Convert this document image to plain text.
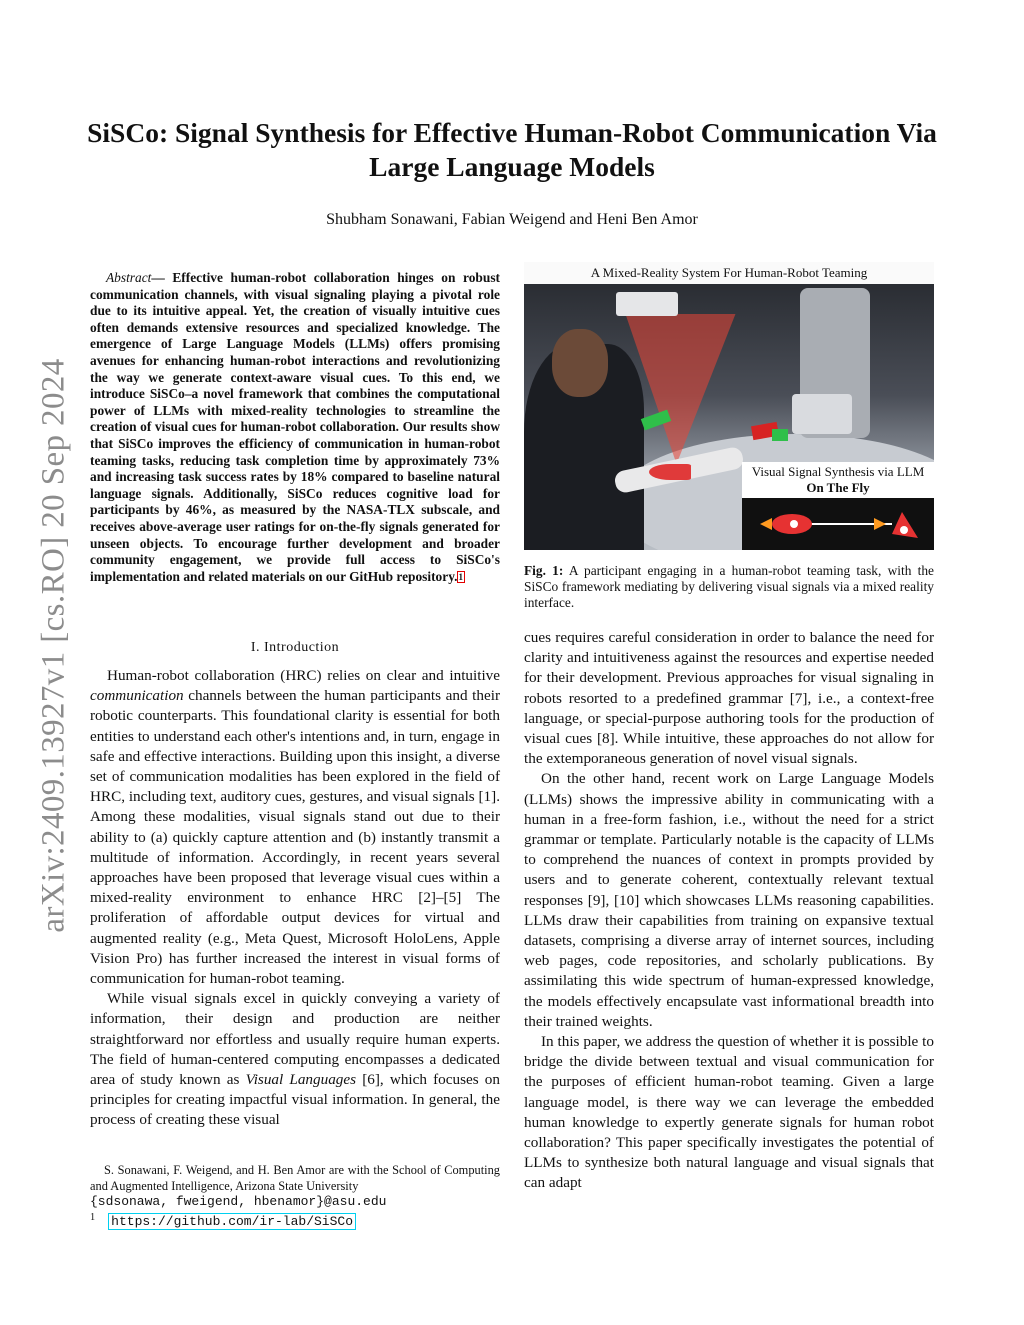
arXiv:2409.13927v1 [cs.RO] 20 Sep 2024
SiSCo: Signal Synthesis for Effective Human-Robot Communication Via Large Language Models
Shubham Sonawani, Fabian Weigend and Heni Ben Amor
Abstract— Effective human-robot collaboration hinges on robust communication channels, with visual signaling playing a pivotal role due to its intuitive appeal. Yet, the creation of visually intuitive cues often demands extensive resources and specialized knowledge. The emergence of Large Language Models (LLMs) offers promising avenues for enhancing human-robot interactions and revolutionizing the way we generate context-aware visual cues. To this end, we introduce SiSCo–a novel framework that combines the computational power of LLMs with mixed-reality technologies to streamline the creation of visual cues for human-robot collaboration. Our results show that SiSCo improves the efficiency of communication in human-robot teaming tasks, reducing task completion time by approximately 73% and increasing task success rates by 18% compared to baseline natural language signals. Additionally, SiSCo reduces cognitive load for participants by 46%, as measured by the NASA-TLX subscale, and receives above-average user ratings for on-the-fly signals generated for unseen objects. To encourage further development and broader community engagement, we provide full access to SiSCo's implementation and related materials on our GitHub repository.$^1$
I. Introduction

Human-robot collaboration (HRC) relies on clear and intuitive communication channels between the human participants and their robotic counterparts. This foundational clarity is essential for both entities to understand each other's intentions and, in turn, engage in safe and effective interactions. Building upon this insight, a diverse set of communication modalities has been explored in the field of HRC, including text, auditory cues, gestures, and visual signals [1]. Among these modalities, visual signals stand out due to their ability to (a) quickly capture attention and (b) instantly transmit a multitude of information. Accordingly, in recent years several approaches have been proposed that leverage visual cues within a mixed-reality environment to enhance HRC [2]–[5] The proliferation of affordable output devices for virtual and augmented reality (e.g., Meta Quest, Microsoft HoloLens, Apple Vision Pro) has further increased the interest in visual forms of communication for human-robot teaming.

While visual signals excel in quickly conveying a variety of information, their design and production are neither straightforward nor effortless and usually require human experts. The field of human-centered computing encompasses a dedicated area of study known as Visual Languages [6], which focuses on principles for creating impactful visual information. In general, the process of creating these visual

S. Sonawani, F. Weigend, and H. Ben Amor are with the School of Computing and Augmented Intelligence, Arizona State University
{sdsonawa, fweigend, hbenamor}@asu.edu
$^1$ https://github.com/ir-lab/SiSCo
A Mixed-Reality System For Human-Robot Teaming
Visual Signal Synthesis via LLM
On The Fly
Fig. 1: A participant engaging in a human-robot teaming task, with the SiSCo framework mediating by delivering visual signals via a mixed reality interface.

cues requires careful consideration in order to balance the need for clarity and intuitiveness against the resources and expertise needed for their development. Previous approaches for visual signaling in robots resorted to a predefined grammar [7], i.e., a context-free language, or special-purpose authoring tools for the production of visual cues [8]. While intuitive, these approaches do not allow for the extemporaneous generation of novel visual signals.

On the other hand, recent work on Large Language Models (LLMs) shows the impressive ability in communicating with a human in a free-form fashion, i.e., without the need for a strict grammar or template. Particularly notable is the capacity of LLMs to comprehend the nuances of context in prompts provided by users and to generate coherent, contextually relevant textual responses [9], [10] which showcases LLMs reasoning capabilities. LLMs draw their capabilities from training on expansive textual datasets, comprising a diverse array of internet sources, including web pages, code repositories, and scholarly publications. By assimilating this wide spectrum of human-expressed knowledge, the models effectively encapsulate vast informational breadth into their trained weights.

In this paper, we address the question of whether it is possible to bridge the divide between textual and visual communication for the purposes of efficient human-robot teaming. Given a large language model, is there way we can leverage the embedded human knowledge to expertly generate signals for human robot collaboration? This paper specifically investigates the potential of LLMs to synthesize both natural language and visual signals that can adapt
